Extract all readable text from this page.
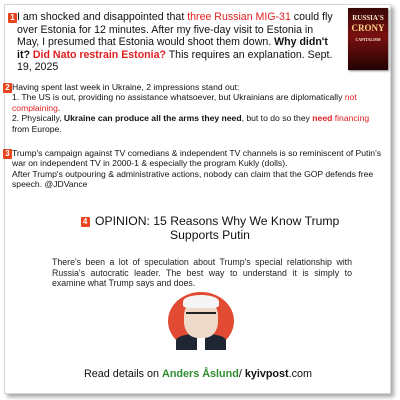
1 I am shocked and disappointed that three Russian MIG-31 could fly over Estonia for 12 minutes. After my five-day visit to Estonia in May, I presumed that Estonia would shoot them down. Why didn't it? Did Nato restrain Estonia? This requires an explanation. Sept. 19, 2025
RUSSIA'S
CRONY
CAPITALISM
2 Having spent last week in Ukraine, 2 impressions stand out:
1. The US is out, providing no assistance whatsoever, but Ukrainians are diplomatically not complaining.
2. Physically, Ukraine can produce all the arms they need, but to do so they need financing from Europe.
3 Trump's campaign against TV comedians & independent TV channels is so reminiscent of Putin's war on independent TV in 2000-1 & especially the program Kukly (dolls).
After Trump's outpouring & administrative actions, nobody can claim that the GOP defends free speech. @JDVance
4 OPINION: 15 Reasons Why We Know Trump Supports Putin
There's been a lot of speculation about Trump's special relationship with Russia's autocratic leader. The best way to understand it is simply to examine what Trump says and does.
Read details on Anders Åslund/ kyivpost.com
